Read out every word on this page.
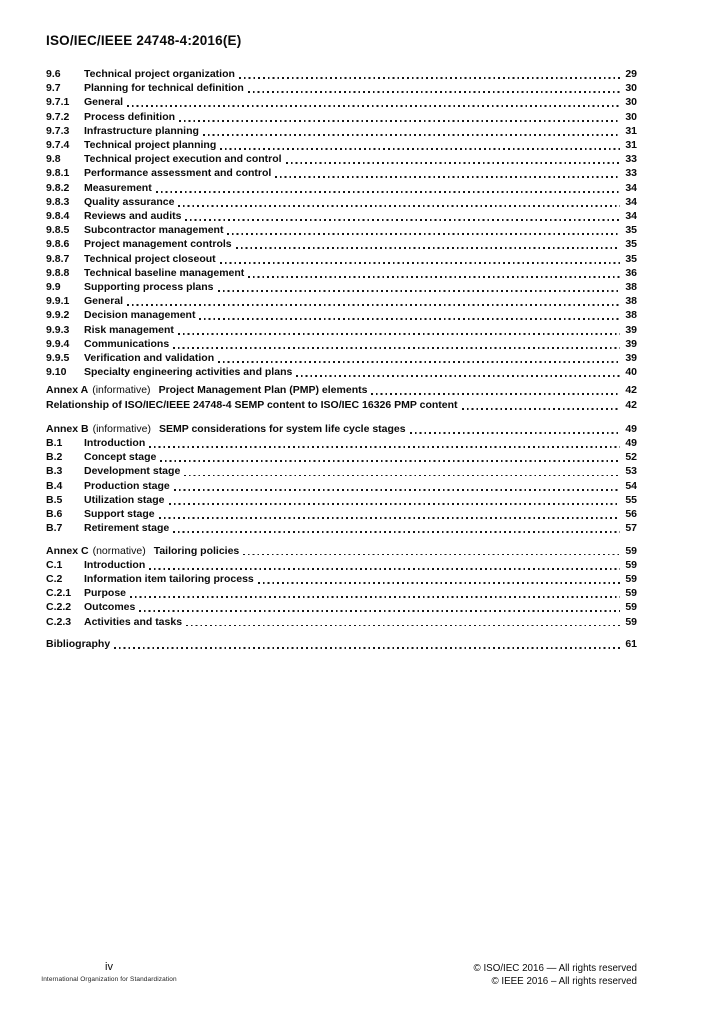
ISO/IEC/IEEE 24748-4:2016(E)
9.6	Technical project organization	29
9.7	Planning for technical definition	30
9.7.1	General	30
9.7.2	Process definition	30
9.7.3	Infrastructure planning	31
9.7.4	Technical project planning	31
9.8	Technical project execution and control	33
9.8.1	Performance assessment and control	33
9.8.2	Measurement	34
9.8.3	Quality assurance	34
9.8.4	Reviews and audits	34
9.8.5	Subcontractor management	35
9.8.6	Project management controls	35
9.8.7	Technical project closeout	35
9.8.8	Technical baseline management	36
9.9	Supporting process plans	38
9.9.1	General	38
9.9.2	Decision management	38
9.9.3	Risk management	39
9.9.4	Communications	39
9.9.5	Verification and validation	39
9.10	Specialty engineering activities and plans	40
Annex A (informative) Project Management Plan (PMP) elements	42
Relationship of ISO/IEC/IEEE 24748-4 SEMP content to ISO/IEC 16326 PMP content	42
Annex B (informative) SEMP considerations for system life cycle stages	49
B.1	Introduction	49
B.2	Concept stage	52
B.3	Development stage	53
B.4	Production stage	54
B.5	Utilization stage	55
B.6	Support stage	56
B.7	Retirement stage	57
Annex C (normative) Tailoring policies	59
C.1	Introduction	59
C.2	Information item tailoring process	59
C.2.1	Purpose	59
C.2.2	Outcomes	59
C.2.3	Activities and tasks	59
Bibliography	61
iv
International Organization for Standardization
© ISO/IEC 2016 — All rights reserved
© IEEE 2016 – All rights reserved
